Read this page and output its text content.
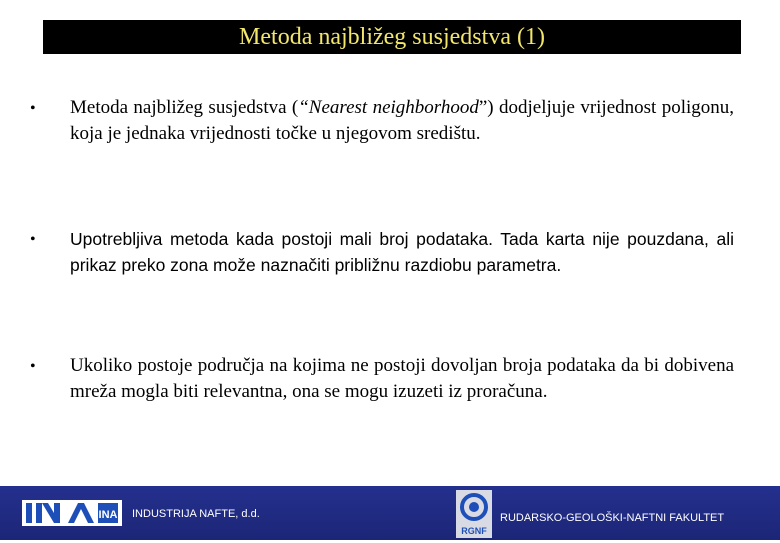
Metoda najbližeg susjedstva (1)
• Metoda najbližeg susjedstva (“Nearest neighborhood”) dodjeljuje vrijednost poligonu, koja je jednaka vrijednosti točke u njegovom središtu.
• Upotrebljiva metoda kada postoji mali broj podataka. Tada karta nije pouzdana, ali prikaz preko zona može naznačiti približnu razdiobu parametra.
• Ukoliko postoje područja na kojima ne postoji dovoljan broja podataka da bi dobivena mreža mogla biti relevantna, ona se mogu izuzeti iz proračuna.
INA INDUSTRIJA NAFTE, d.d.
RGNF
RUDARSKO-GEOLOŠKI-NAFTNI FAKULTET
